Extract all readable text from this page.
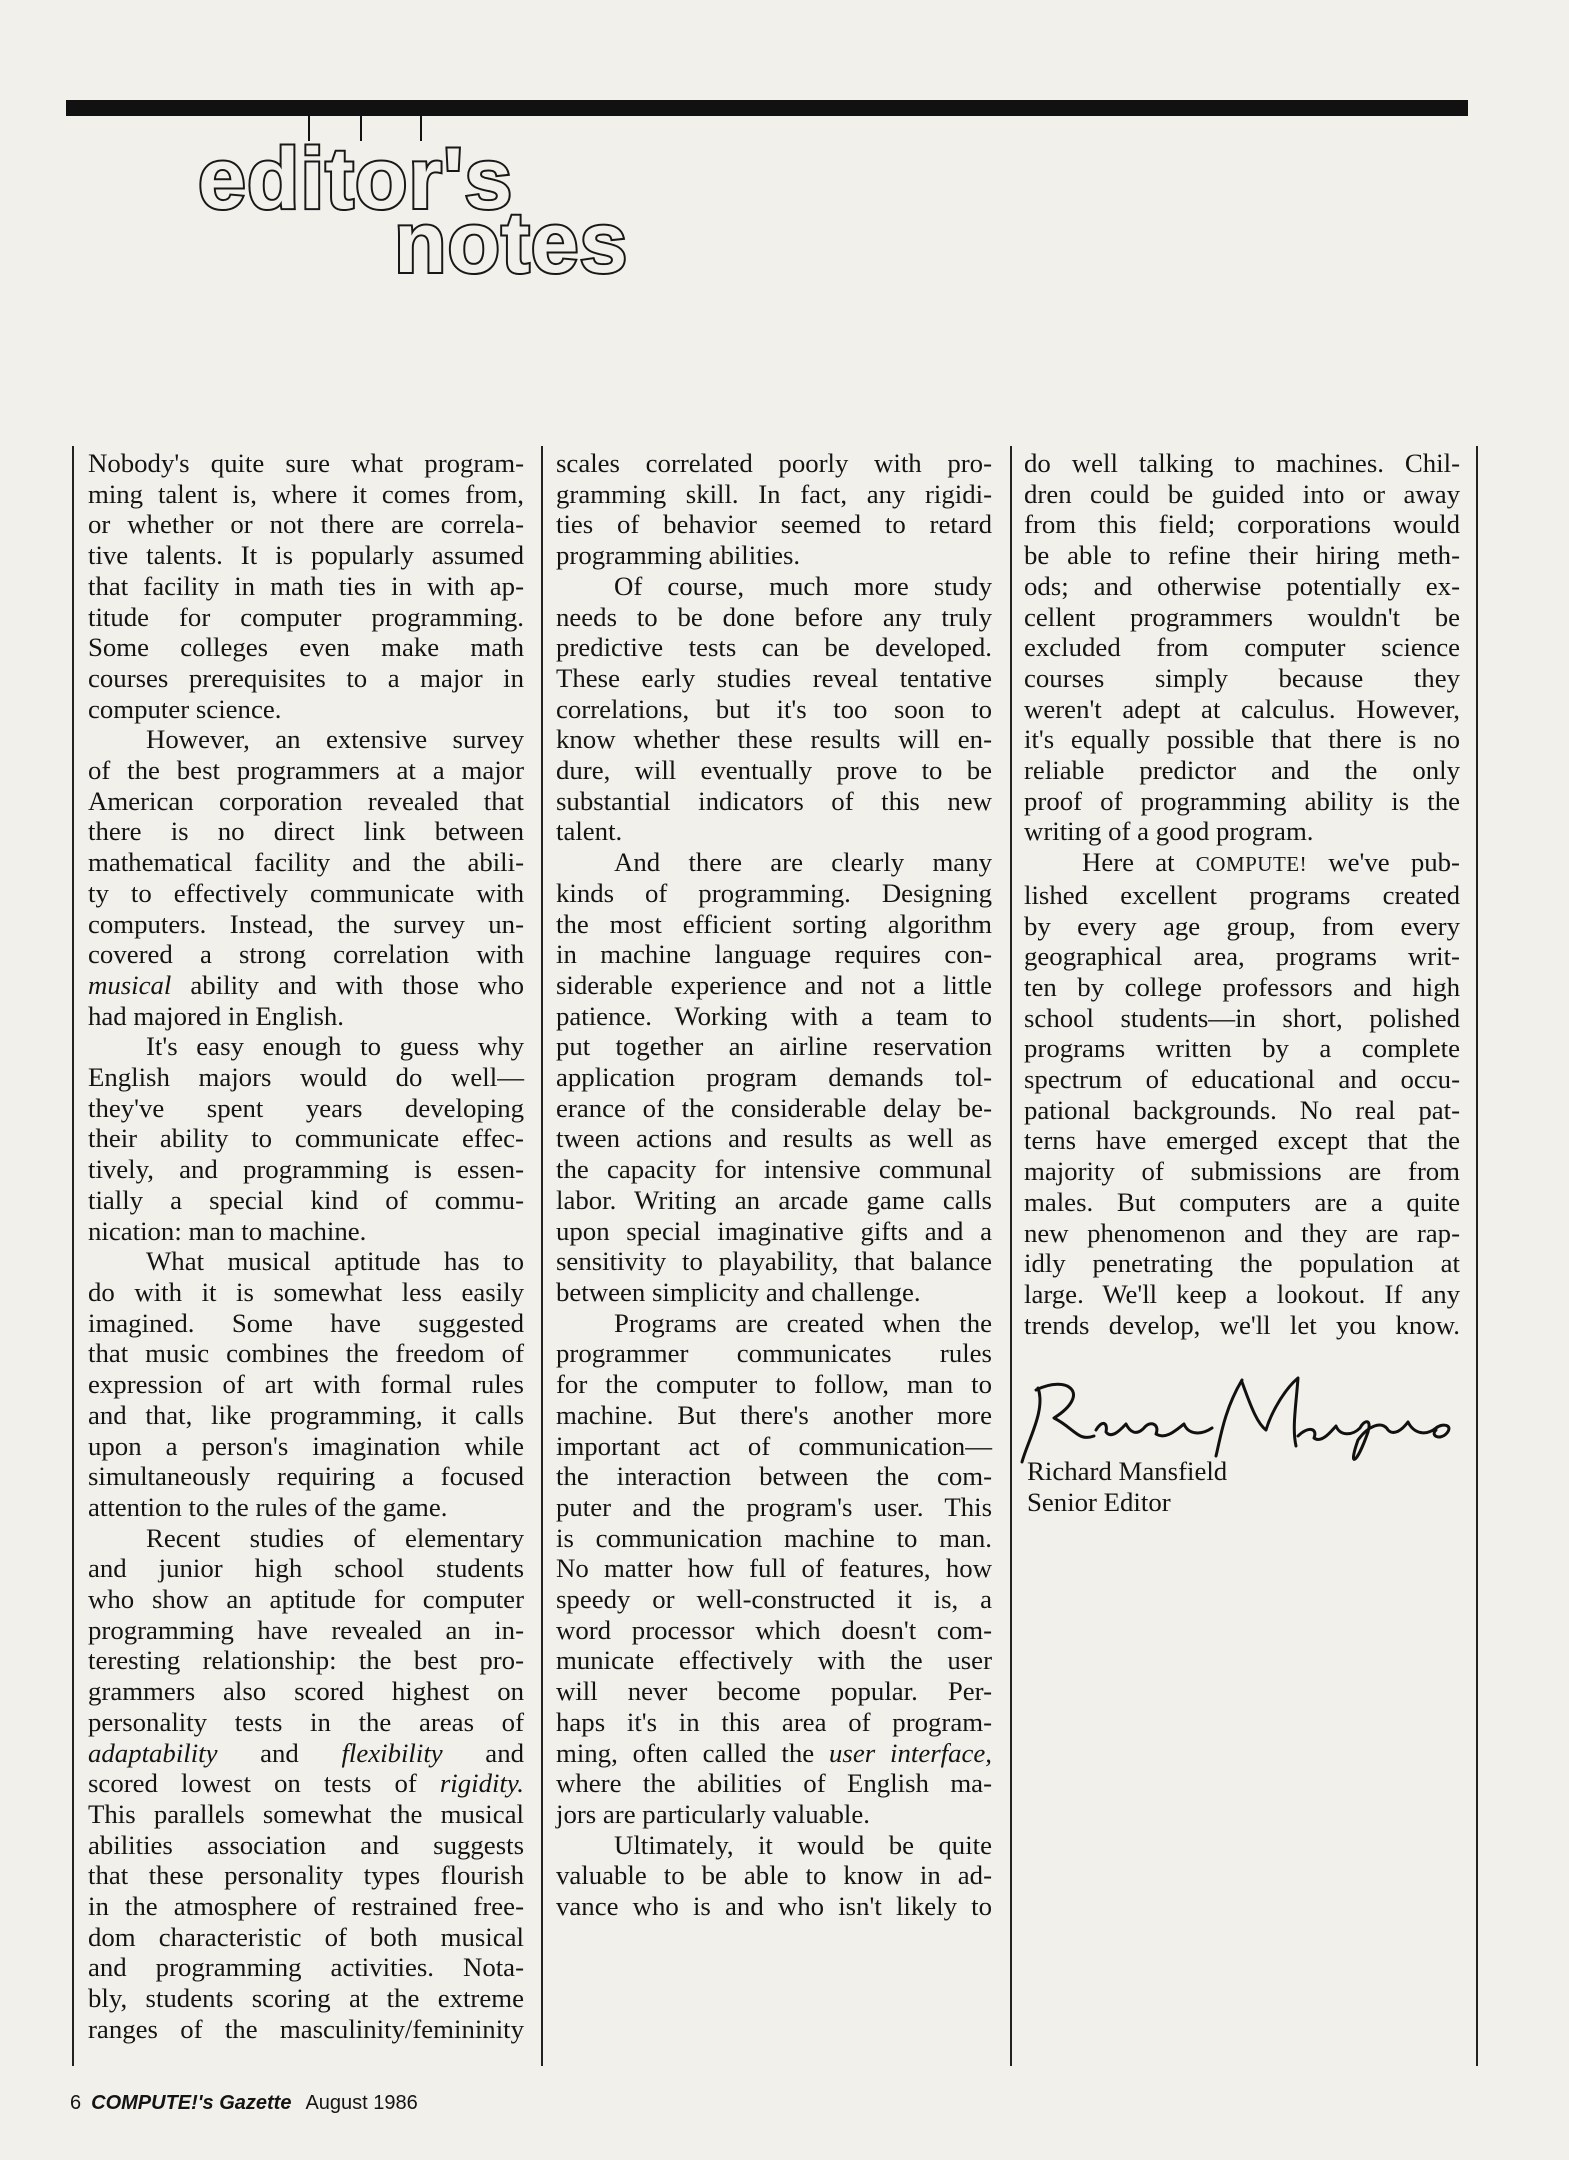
editor's
notes
Nobody's quite sure what program-
ming talent is, where it comes from,
or whether or not there are correla-
tive talents. It is popularly assumed
that facility in math ties in with ap-
titude for computer programming.
Some colleges even make math
courses prerequisites to a major in
computer science.
However, an extensive survey
of the best programmers at a major
American corporation revealed that
there is no direct link between
mathematical facility and the abili-
ty to effectively communicate with
computers. Instead, the survey un-
covered a strong correlation with
musical ability and with those who
had majored in English.
It's easy enough to guess why
English majors would do well—
they've spent years developing
their ability to communicate effec-
tively, and programming is essen-
tially a special kind of commu-
nication: man to machine.
What musical aptitude has to
do with it is somewhat less easily
imagined. Some have suggested
that music combines the freedom of
expression of art with formal rules
and that, like programming, it calls
upon a person's imagination while
simultaneously requiring a focused
attention to the rules of the game.
Recent studies of elementary
and junior high school students
who show an aptitude for computer
programming have revealed an in-
teresting relationship: the best pro-
grammers also scored highest on
personality tests in the areas of
adaptability and flexibility and
scored lowest on tests of rigidity.
This parallels somewhat the musical
abilities association and suggests
that these personality types flourish
in the atmosphere of restrained free-
dom characteristic of both musical
and programming activities. Nota-
bly, students scoring at the extreme
ranges of the masculinity/femininity
scales correlated poorly with pro-
gramming skill. In fact, any rigidi-
ties of behavior seemed to retard
programming abilities.
Of course, much more study
needs to be done before any truly
predictive tests can be developed.
These early studies reveal tentative
correlations, but it's too soon to
know whether these results will en-
dure, will eventually prove to be
substantial indicators of this new
talent.
And there are clearly many
kinds of programming. Designing
the most efficient sorting algorithm
in machine language requires con-
siderable experience and not a little
patience. Working with a team to
put together an airline reservation
application program demands tol-
erance of the considerable delay be-
tween actions and results as well as
the capacity for intensive communal
labor. Writing an arcade game calls
upon special imaginative gifts and a
sensitivity to playability, that balance
between simplicity and challenge.
Programs are created when the
programmer communicates rules
for the computer to follow, man to
machine. But there's another more
important act of communication—
the interaction between the com-
puter and the program's user. This
is communication machine to man.
No matter how full of features, how
speedy or well-constructed it is, a
word processor which doesn't com-
municate effectively with the user
will never become popular. Per-
haps it's in this area of program-
ming, often called the user interface,
where the abilities of English ma-
jors are particularly valuable.
Ultimately, it would be quite
valuable to be able to know in ad-
vance who is and who isn't likely to
do well talking to machines. Chil-
dren could be guided into or away
from this field; corporations would
be able to refine their hiring meth-
ods; and otherwise potentially ex-
cellent programmers wouldn't be
excluded from computer science
courses simply because they
weren't adept at calculus. However,
it's equally possible that there is no
reliable predictor and the only
proof of programming ability is the
writing of a good program.
Here at COMPUTE! we've pub-
lished excellent programs created
by every age group, from every
geographical area, programs writ-
ten by college professors and high
school students—in short, polished
programs written by a complete
spectrum of educational and occu-
pational backgrounds. No real pat-
terns have emerged except that the
majority of submissions are from
males. But computers are a quite
new phenomenon and they are rap-
idly penetrating the population at
large. We'll keep a lookout. If any
trends develop, we'll let you know.
Richard Mansfield
Senior Editor
6 COMPUTE!'s Gazette August 1986
